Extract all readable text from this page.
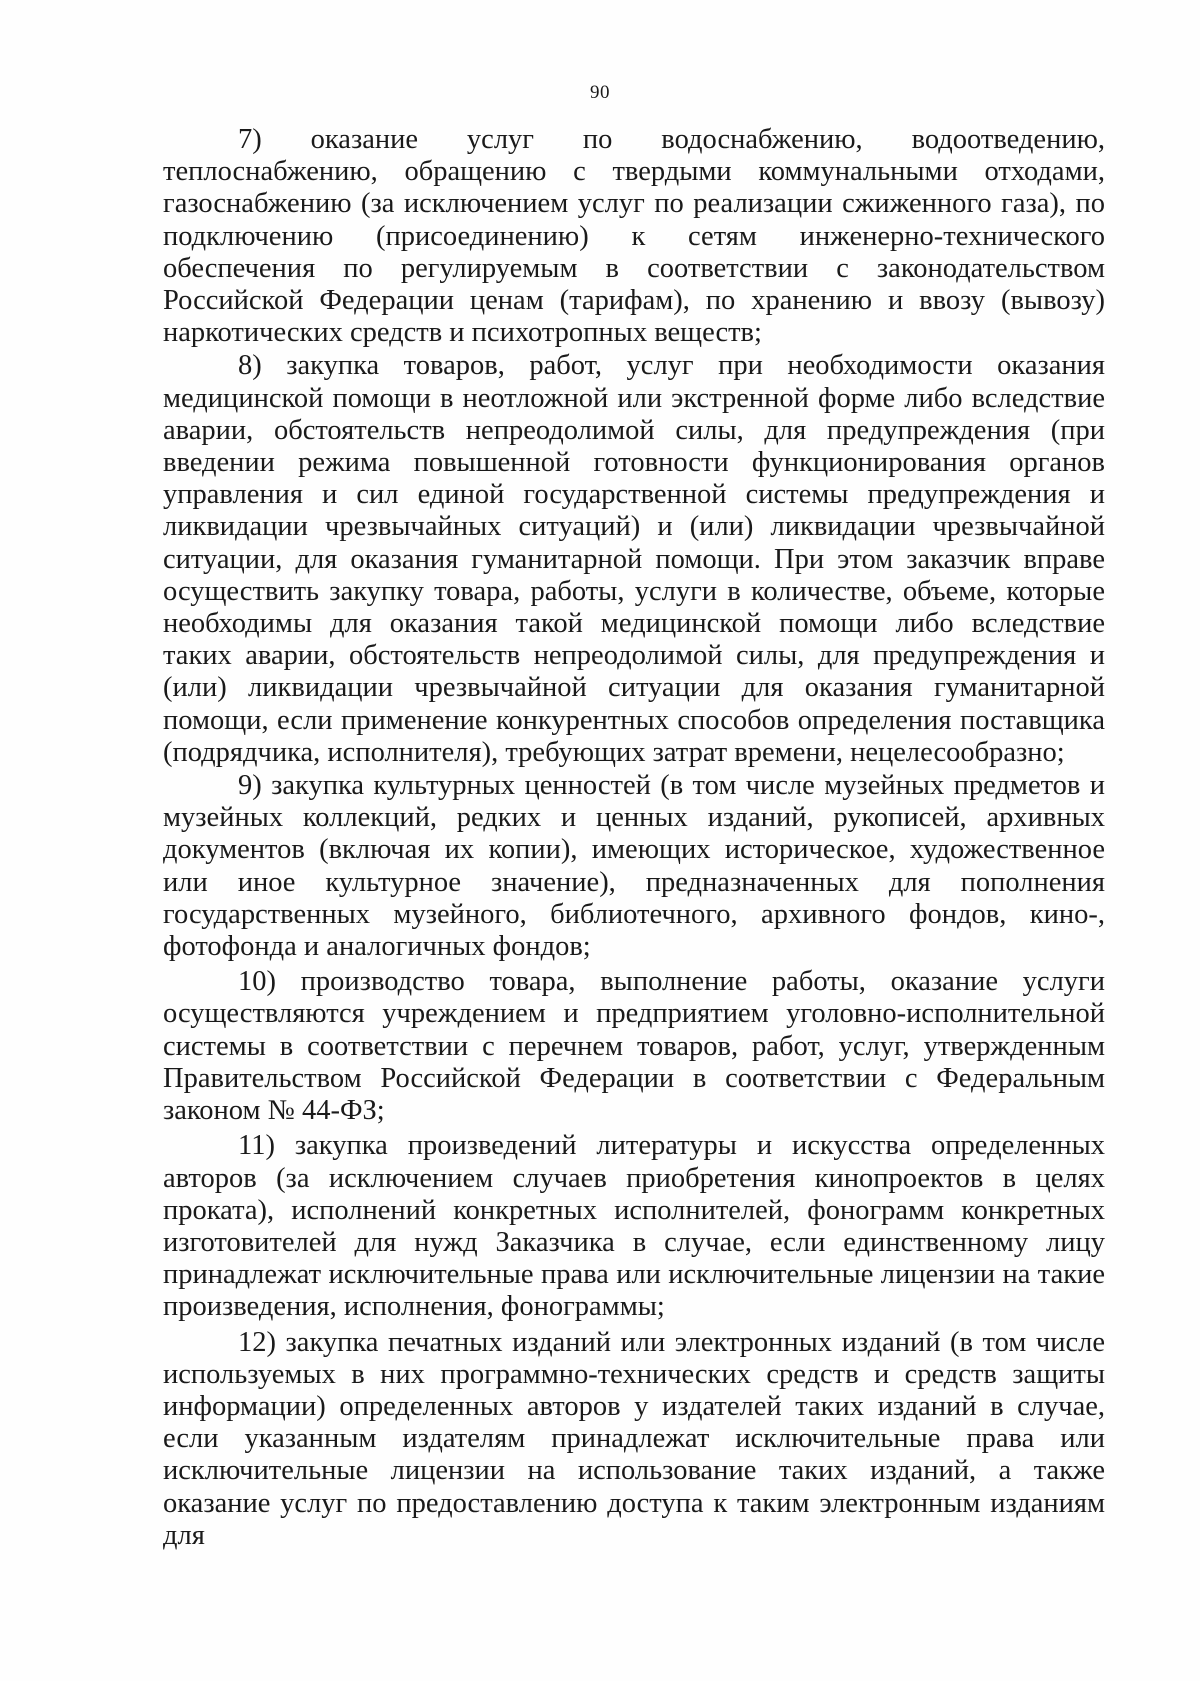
90

7) оказание услуг по водоснабжению, водоотведению, теплоснабжению, обращению с твердыми коммунальными отходами, газоснабжению (за исключением услуг по реализации сжиженного газа), по подключению (присоединению) к сетям инженерно-технического обеспечения по регулируемым в соответствии с законодательством Российской Федерации ценам (тарифам), по хранению и ввозу (вывозу) наркотических средств и психотропных веществ;

8) закупка товаров, работ, услуг при необходимости оказания медицинской помощи в неотложной или экстренной форме либо вследствие аварии, обстоятельств непреодолимой силы, для предупреждения (при введении режима повышенной готовности функционирования органов управления и сил единой государственной системы предупреждения и ликвидации чрезвычайных ситуаций) и (или) ликвидации чрезвычайной ситуации, для оказания гуманитарной помощи. При этом заказчик вправе осуществить закупку товара, работы, услуги в количестве, объеме, которые необходимы для оказания такой медицинской помощи либо вследствие таких аварии, обстоятельств непреодолимой силы, для предупреждения и (или) ликвидации чрезвычайной ситуации для оказания гуманитарной помощи, если применение конкурентных способов определения поставщика (подрядчика, исполнителя), требующих затрат времени, нецелесообразно;

9) закупка культурных ценностей (в том числе музейных предметов и музейных коллекций, редких и ценных изданий, рукописей, архивных документов (включая их копии), имеющих историческое, художественное или иное культурное значение), предназначенных для пополнения государственных музейного, библиотечного, архивного фондов, кино-, фотофонда и аналогичных фондов;

10) производство товара, выполнение работы, оказание услуги осуществляются учреждением и предприятием уголовно-исполнительной системы в соответствии с перечнем товаров, работ, услуг, утвержденным Правительством Российской Федерации в соответствии с Федеральным законом № 44-ФЗ;

11) закупка произведений литературы и искусства определенных авторов (за исключением случаев приобретения кинопроектов в целях проката), исполнений конкретных исполнителей, фонограмм конкретных изготовителей для нужд Заказчика в случае, если единственному лицу принадлежат исключительные права или исключительные лицензии на такие произведения, исполнения, фонограммы;

12) закупка печатных изданий или электронных изданий (в том числе используемых в них программно-технических средств и средств защиты информации) определенных авторов у издателей таких изданий в случае, если указанным издателям принадлежат исключительные права или исключительные лицензии на использование таких изданий, а также оказание услуг по предоставлению доступа к таким электронным изданиям для
